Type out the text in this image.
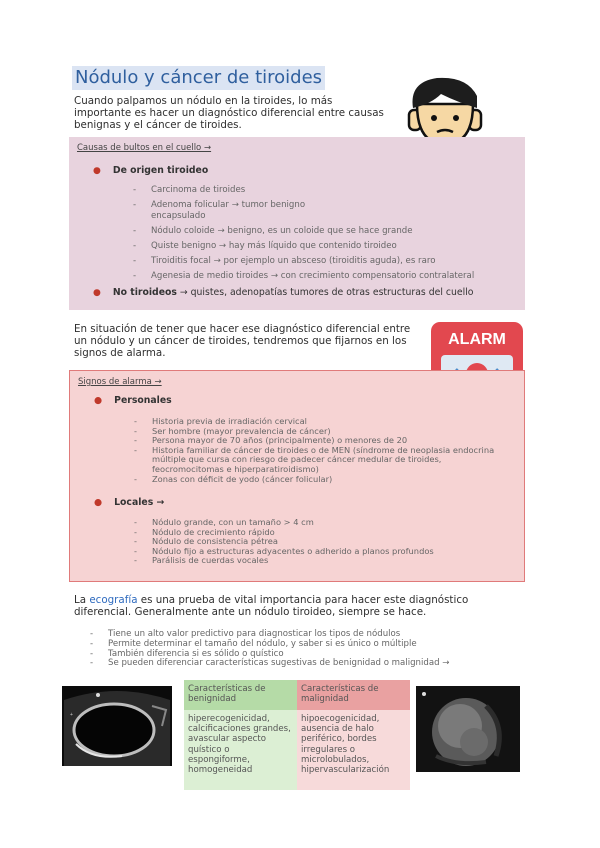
Nódulo y cáncer de tiroides

Cuando palpamos un nódulo en la tiroides, lo más importante es hacer un diagnóstico diferencial entre causas benignas y el cáncer de tiroides.

Causas de bultos en el cuello →
● De origen tiroideo
- Carcinoma de tiroides
- Adenoma folicular → tumor benigno encapsulado
- Nódulo coloide → benigno, es un coloide que se hace grande
- Quiste benigno → hay más líquido que contenido tiroideo
- Tiroiditis focal → por ejemplo un absceso (tiroiditis aguda), es raro
- Agenesia de medio tiroides → con crecimiento compensatorio contralateral
● No tiroideos → quistes, adenopatías tumores de otras estructuras del cuello

En situación de tener que hacer ese diagnóstico diferencial entre un nódulo y un cáncer de tiroides, tendremos que fijarnos en los signos de alarma.

ALARM
Signos de alarma →
● Personales
- Historia previa de irradiación cervical
- Ser hombre (mayor prevalencia de cáncer)
- Persona mayor de 70 años (principalmente) o menores de 20
- Historia familiar de cáncer de tiroides o de MEN (síndrome de neoplasia endocrina múltiple que cursa con riesgo de padecer cáncer medular de tiroides, feocromocitomas e hiperparatiroidismo)
- Zonas con déficit de yodo (cáncer folicular)
● Locales →
- Nódulo grande, con un tamaño > 4 cm
- Nódulo de crecimiento rápido
- Nódulo de consistencia pétrea
- Nódulo fijo a estructuras adyacentes o adherido a planos profundos
- Parálisis de cuerdas vocales

La ecografía es una prueba de vital importancia para hacer este diagnóstico diferencial. Generalmente ante un nódulo tiroideo, siempre se hace.

- Tiene un alto valor predictivo para diagnosticar los tipos de nódulos
- Permite determinar el tamaño del nódulo, y saber si es único o múltiple
- También diferencia si es sólido o quístico
- Se pueden diferenciar características sugestivas de benignidad o malignidad →
+
Características de benignidad	Características de malignidad
hiperecogenicidad, calcificaciones grandes, avascular aspecto quístico o espongiforme, homogeneidad	hipoecogenicidad, ausencia de halo periférico, bordes irregulares o microlobulados, hipervascularización
